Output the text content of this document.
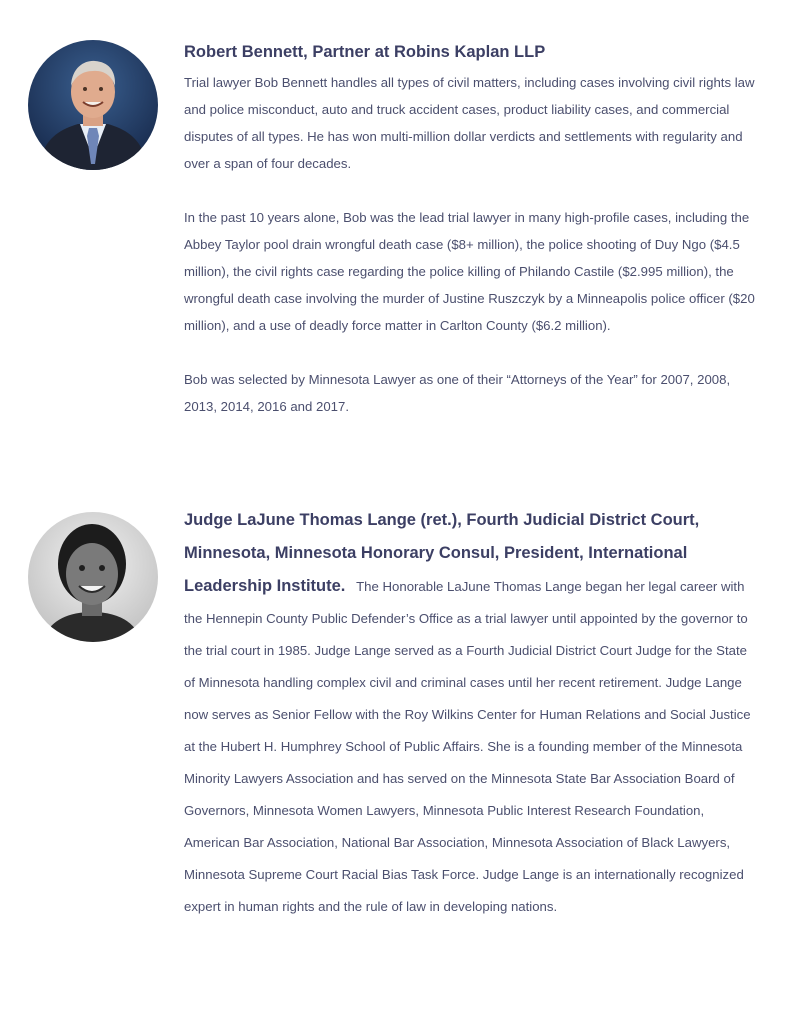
Robert Bennett, Partner at Robins Kaplan LLP

Trial lawyer Bob Bennett handles all types of civil matters, including cases involving civil rights law and police misconduct, auto and truck accident cases, product liability cases, and commercial disputes of all types. He has won multi-million dollar verdicts and settlements with regularity and over a span of four decades.

In the past 10 years alone, Bob was the lead trial lawyer in many high-profile cases, including the Abbey Taylor pool drain wrongful death case ($8+ million), the police shooting of Duy Ngo ($4.5 million), the civil rights case regarding the police killing of Philando Castile ($2.995 million), the wrongful death case involving the murder of Justine Ruszczyk by a Minneapolis police officer ($20 million), and a use of deadly force matter in Carlton County ($6.2 million).

Bob was selected by Minnesota Lawyer as one of their “Attorneys of the Year” for 2007, 2008, 2013, 2014, 2016 and 2017.

Judge LaJune Thomas Lange (ret.), Fourth Judicial District Court, Minnesota, Minnesota Honorary Consul, President, International Leadership Institute. The Honorable LaJune Thomas Lange began her legal career with the Hennepin County Public Defender’s Office as a trial lawyer until appointed by the governor to the trial court in 1985. Judge Lange served as a Fourth Judicial District Court Judge for the State of Minnesota handling complex civil and criminal cases until her recent retirement. Judge Lange now serves as Senior Fellow with the Roy Wilkins Center for Human Relations and Social Justice at the Hubert H. Humphrey School of Public Affairs. She is a founding member of the Minnesota Minority Lawyers Association and has served on the Minnesota State Bar Association Board of Governors, Minnesota Women Lawyers, Minnesota Public Interest Research Foundation, American Bar Association, National Bar Association, Minnesota Association of Black Lawyers, Minnesota Supreme Court Racial Bias Task Force. Judge Lange is an internationally recognized expert in human rights and the rule of law in developing nations.
